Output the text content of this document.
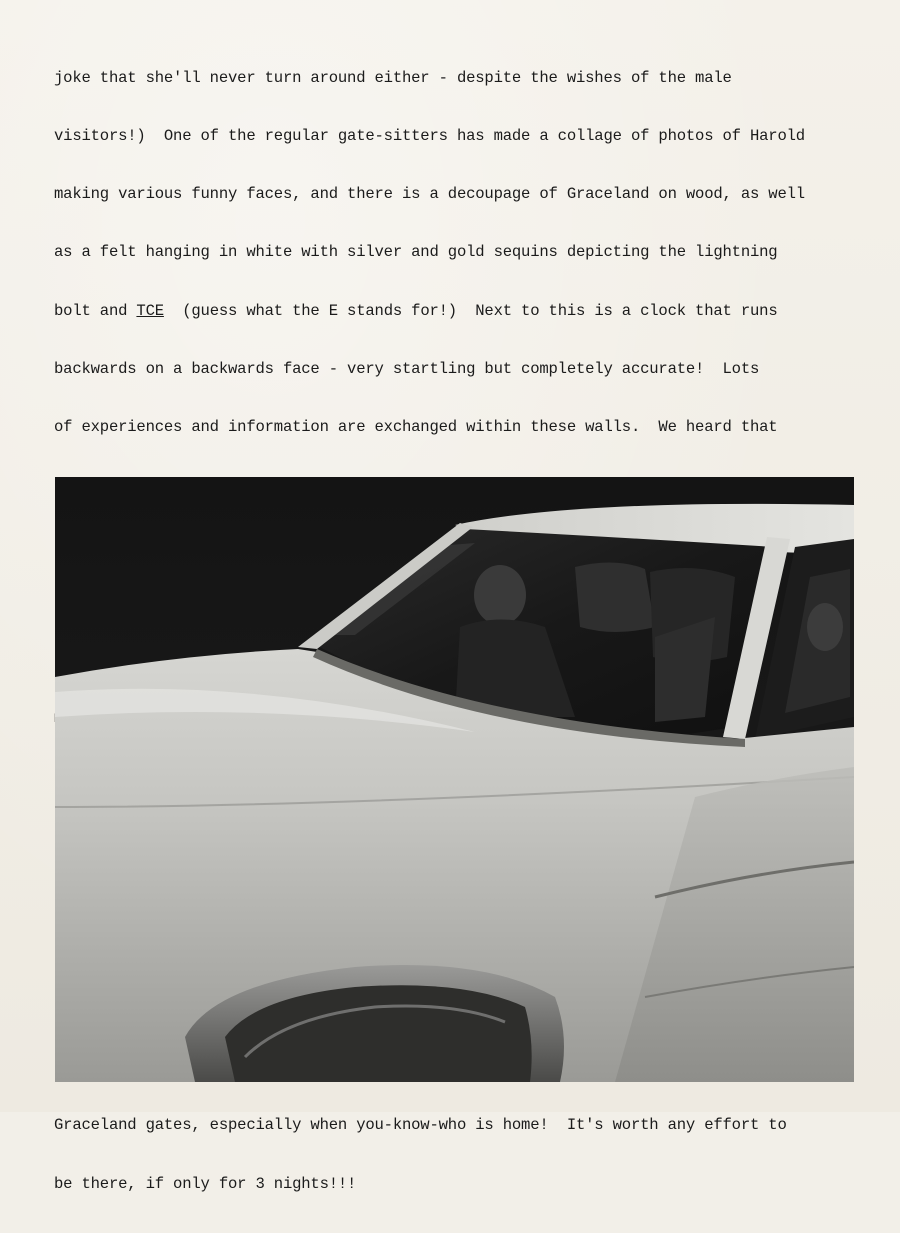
joke that she'll never turn around either - despite the wishes of the male

visitors!)  One of the regular gate-sitters has made a collage of photos of Harold

making various funny faces, and there is a decoupage of Graceland on wood, as well

as a felt hanging in white with silver and gold sequins depicting the lightning

bolt and TCE  (guess what the E stands for!)  Next to this is a clock that runs

backwards on a backwards face - very startling but completely accurate!  Lots

of experiences and information are exchanged within these walls.  We heard that

Graceland gates, especially when you-know-who is home!  It's worth any effort to

be there, if only for 3 nights!!!
